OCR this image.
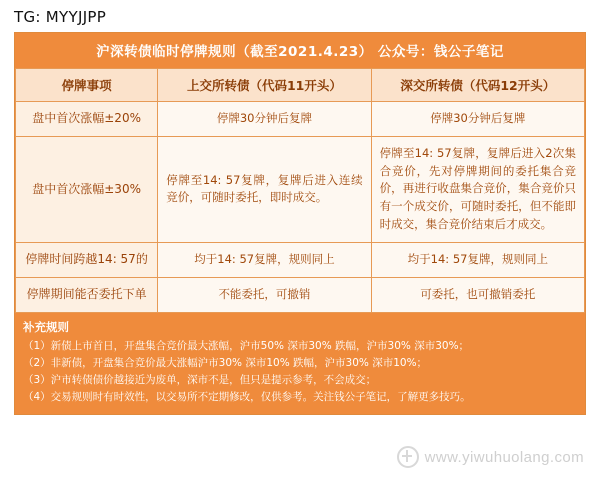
TG: MYYJJPP
沪深转债临时停牌规则（截至2021.4.23） 公众号：钱公子笔记
停牌事项	上交所转债（代码11开头）	深交所转债（代码12开头）
盘中首次涨幅±20%	停牌30分钟后复牌	停牌30分钟后复牌
盘中首次涨幅±30%	停牌至14: 57复牌，复牌后进入连续竞价，可随时委托，即时成交。	停牌至14: 57复牌，复牌后进入2次集合竞价，先对停牌期间的委托集合竞价，再进行收盘集合竞价，集合竞价只有一个成交价，可随时委托，但不能即时成交，集合竞价结束后才成交。
停牌时间跨越14: 57的	均于14: 57复牌，规则同上	均于14: 57复牌，规则同上
停牌期间能否委托下单	不能委托，可撤销	可委托，也可撤销委托
补充规则
（1）新债上市首日，开盘集合竞价最大涨幅，沪市50% 深市30% 跌幅，沪市30% 深市30%；
（2）非新债，开盘集合竞价最大涨幅沪市30% 深市10% 跌幅，沪市30% 深市10%；
（3）沪市转债债价越接近为废单，深市不是，但只是提示参考，不会成交；
（4）交易规则时有时效性，以交易所不定期修改，仅供参考。关注钱公子笔记，了解更多技巧。
www.yiwuhuolang.com
